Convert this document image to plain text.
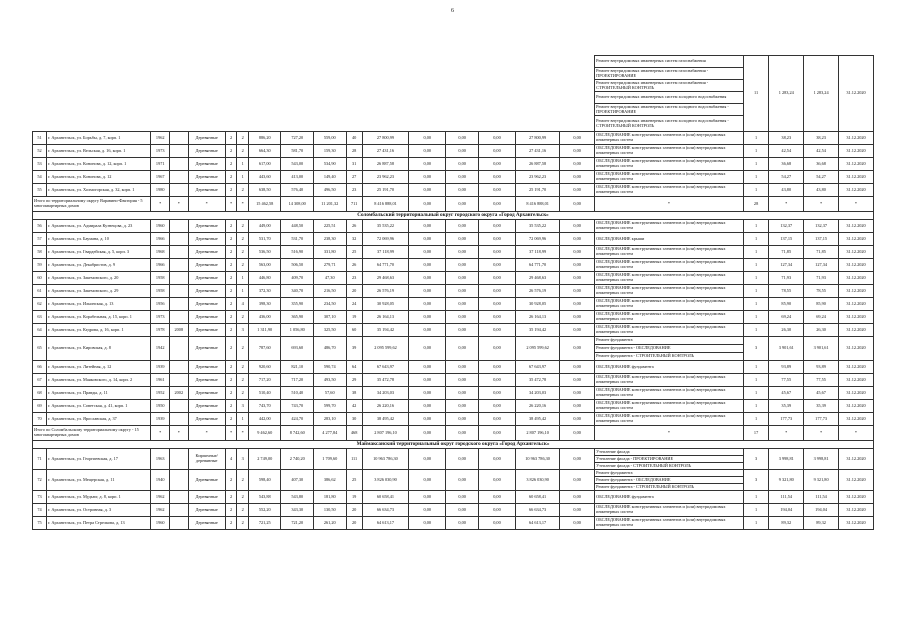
6
																	Ремонт внутридомовых инженерных систем газоснабжения	11	1 283,24	1 283,24	31.12.2020
																	Ремонт внутридомовых инженерных систем газоснабжения - ПРОЕКТИРОВАНИЕ				
																	Ремонт внутридомовых инженерных систем газоснабжения - СТРОИТЕЛЬНЫЙ КОНТРОЛЬ				
																	Ремонт внутридомовых инженерных систем холодного водоснабжения				
																	Ремонт внутридомовых инженерных систем холодного водоснабжения - ПРОЕКТИРОВАНИЕ				
																	Ремонт внутридомовых инженерных систем холодного водоснабжения - СТРОИТЕЛЬНЫЙ КОНТРОЛЬ				
51	г. Архангельск, ул. Борьбы, д. 7, корп. 1	1962		Деревянные	2	2	886,20	727,20	559,00	40	27 800,99	0,00	0,00	0,00	27 800,99	0,00	ОБСЛЕДОВАНИЕ конструктивных элементов и (или) внутридомовых инженерных систем	1	38,23	38,23	31.12.2020
52	г. Архангельск, ул. Вельская, д. 16, корп. 1	1973		Деревянные	2	2	664,30	581,70	159,30	28	27 431,16	0,00	0,00	0,00	27 431,16	0,00	ОБСЛЕДОВАНИЕ конструктивных элементов и (или) внутридомовых инженерных систем	1	42,54	42,54	31.12.2020
53	г. Архангельск, ул. Кононова, д. 12, корп. 1	1971		Деревянные	2	1	617,00	543,00	534,90	31	26 887,58	0,00	0,00	0,00	26 887,58	0,00	ОБСЛЕДОВАНИЕ конструктивных элементов и (или) внутридомовых инженерных систем	1	36,68	36,68	31.12.2020
54	г. Архангельск, ул. Кононова, д. 12	1967		Деревянные	2	1	443,60	413,00	149,40	27	23 962,23	0,00	0,00	0,00	23 962,23	0,00	ОБСЛЕДОВАНИЕ конструктивных элементов и (или) внутридомовых инженерных систем	1	54,27	54,27	31.12.2020
55	г. Архангельск, ул. Холмогорская, д. 32, корп. 1	1980		Деревянные	2	2	638,50	576,40	496,50	23	25 191,70	0,00	0,00	0,00	25 191,70	0,00	ОБСЛЕДОВАНИЕ конструктивных элементов и (или) внутридомовых инженерных систем	1	43,80	43,80	31.12.2020
Итого по территориальному округу Варавино-Фактория - 5 многоквартирных домов		*	*	*	*	*	15 462,58	14 308,00	11 201,32	711	8 416 888,01	0,00	0,00	0,00	8 416 888,01	0,00	*	28	*	*	*
Соломбальский территориальный округ городского округа «Город Архангельск»																					
56	г. Архангельск, ул. Адмирала Кузнецова, д. 23	1960		Деревянные	2	2	449,00	448,50	225,51	26	35 535,22	0,00	0,00	0,00	35 535,22	0,00	ОБСЛЕДОВАНИЕ конструктивных элементов и (или) внутридомовых инженерных систем	1	132,37	132,37	31.12.2020
57	г. Архангельск, ул. Баумана, д. 10	1966		Деревянные	2	2	531,70	531,70	238,30	32	72 069,96	0,00	0,00	0,00	72 069,96	0,00	ОБСЛЕДОВАНИЕ крыши	1	137,15	137,15	31.12.2020
58	г. Архангельск, ул. Гвардейская, д. 5, корп. 3	1968		Деревянные	2	2	536,50	516,90	331,80	25	37 118,99	0,00	0,00	0,00	37 118,99	0,00	ОБСЛЕДОВАНИЕ конструктивных элементов и (или) внутридомовых инженерных систем	1	71,85	71,85	31.12.2020
59	г. Архангельск, ул. Декабристов, д. 9	1966		Деревянные	2	2	563,00	506,50	279,71	26	64 771,70	0,00	0,00	0,00	64 771,70	0,00	ОБСЛЕДОВАНИЕ конструктивных элементов и (или) внутридомовых инженерных систем	1	127,34	127,34	31.12.2020
60	г. Архангельск, ул. Закемовского, д. 20	1958		Деревянные	2	1	446,80	409,70	47,30	23	29 468,63	0,00	0,00	0,00	29 468,63	0,00	ОБСЛЕДОВАНИЕ конструктивных элементов и (или) внутридомовых инженерных систем	1	71,93	71,93	31.12.2020
61	г. Архангельск, ул. Закемовского, д. 29	1958		Деревянные	2	1	372,30	340,70	216,50	20	26 576,19	0,00	0,00	0,00	26 576,19	0,00	ОБСЛЕДОВАНИЕ конструктивных элементов и (или) внутридомовых инженерных систем	1	78,55	78,55	31.12.2020
62	г. Архангельск, ул. Ильинская, д. 13	1956		Деревянные	2	4	398,30	355,90	234,50	24	30 928,05	0,00	0,00	0,00	30 928,05	0,00	ОБСЛЕДОВАНИЕ конструктивных элементов и (или) внутридомовых инженерных систем	1	85,90	85,90	31.12.2020
63	г. Архангельск, ул. Корабельная, д. 15, корп. 1	1973		Деревянные	2	2	436,00	365,90	307,10	19	26 164,13	0,00	0,00	0,00	26 164,13	0,00	ОБСЛЕДОВАНИЕ конструктивных элементов и (или) внутридомовых инженерных систем	1	69,24	69,24	31.12.2020
64	г. Архангельск, ул. Кедрова, д. 16, корп. 1	1978	2008	Деревянные	2	3	1 311,90	1 056,80	325,50	60	35 194,42	0,00	0,00	0,00	35 194,42	0,00	ОБСЛЕДОВАНИЕ конструктивных элементов и (или) внутридомовых инженерных систем	1	26,30	26,30	31.12.2020
65	г. Архангельск, ул. Кировская, д. 8	1942		Деревянные	2	2	787,60	693,60	486,70	39	2 095 599,62	0,00	0,00	0,00	2 095 599,62	0,00	Ремонт фундамента	3	3 901,61	3 901,61	31.12.2020
																	Ремонт фундамента - ОБСЛЕДОВАНИЕ				
																	Ремонт фундамента - СТРОИТЕЛЬНЫЙ КОНТРОЛЬ				
66	г. Архангельск, ул. Литейная, д. 12	1939		Деревянные	2	2	920,60	821,10	590,74	64	67 643,97	0,00	0,00	0,00	67 643,97	0,00	ОБСЛЕДОВАНИЕ фундамента	1	93,89	93,89	31.12.2020
67	г. Архангельск, ул. Маяковского, д. 14, корп. 2	1961		Деревянные	2	2	717,20	717,20	493,50	29	35 472,78	0,00	0,00	0,00	35 472,78	0,00	ОБСЛЕДОВАНИЕ конструктивных элементов и (или) внутридомовых инженерных систем	1	77,55	77,55	31.12.2020
68	г. Архангельск, ул. Правды, д. 11	1952	2002	Деревянные	2	2	510,40	510,40	57,60	38	34 203,03	0,00	0,00	0,00	34 203,03	0,00	ОБСЛЕДОВАНИЕ конструктивных элементов и (или) внутридомовых инженерных систем	1	45,67	45,67	31.12.2020
69	г. Архангельск, ул. Советская, д. 41, корп. 1	1950		Деревянные	2	3	743,70	743,70	599,70	42	26 220,16	0,00	0,00	0,00	26 220,16	0,00	ОБСЛЕДОВАНИЕ конструктивных элементов и (или) внутридомовых инженерных систем	1	35,39	35,39	31.12.2020
70	г. Архангельск, ул. Ярославская, д. 37	1939		Деревянные	2	1	442,00	424,70	283,10	30	38 495,42	0,00	0,00	0,00	38 495,42	0,00	ОБСЛЕДОВАНИЕ конструктивных элементов и (или) внутридомовых инженерных систем	1	177,73	177,73	31.12.2020
Итого по Соломбальскому территориальному округу - 15 многоквартирных домов		*	*	*	*	*	9 462,60	8 742,60	4 277,84	468	2 807 196,10	0,00	0,00	0,00	2 807 196,10	0,00	*	17	*	*	*
Маймаксанский территориальный округ городского округа «Город Архангельск»																					
71	г. Архангельск, ул. Георгиевская, д. 17	1963		Кирпичные/ деревянные	4	3	2 749,00	2 740,20	1 709,60	111	10 963 786,30	0,00	0,00	0,00	10 963 786,30	0,00	Утепление фасада	3	3 998,81	3 998,81	31.12.2020
																	Утепление фасада - ПРОЕКТИРОВАНИЕ				
																	Утепление фасада - СТРОИТЕЛЬНЫЙ КОНТРОЛЬ				
72	г. Архангельск, ул. Мещерская, д. 11	1940		Деревянные	2	2	598,40	407,30	386,62	25	3 826 030,90	0,00	0,00	0,00	3 826 030,90	0,00	Ремонт фундамента	3	9 321,80	9 321,80	31.12.2020
																	Ремонт фундамента - ОБСЛЕДОВАНИЕ				
																	Ремонт фундамента - СТРОИТЕЛЬНЫЙ КОНТРОЛЬ				
73	г. Архангельск, ул. Мудьюг, д. 8, корп. 1	1962		Деревянные	2	2	543,88	543,80	181,80	19	60 658,41	0,00	0,00	0,00	60 658,41	0,00	ОБСЛЕДОВАНИЕ фундамента	1	111,54	111,54	31.12.2020
74	г. Архангельск, ул. Островная, д. 3	1962		Деревянные	2	2	552,20	343,30	130,50	20	66 634,73	0,00	0,00	0,00	66 634,73	0,00	ОБСЛЕДОВАНИЕ конструктивных элементов и (или) внутридомовых инженерных систем	1	194,04	194,04	31.12.2020
75	г. Архангельск, ул. Петра Стрелкова, д. 13	1960		Деревянные	2	2	721,25	721,20	261,20	20	64 613,17	0,00	0,00	0,00	64 613,17	0,00	ОБСЛЕДОВАНИЕ конструктивных элементов и (или) внутридомовых инженерных систем	1	89,32	89,32	31.12.2020
